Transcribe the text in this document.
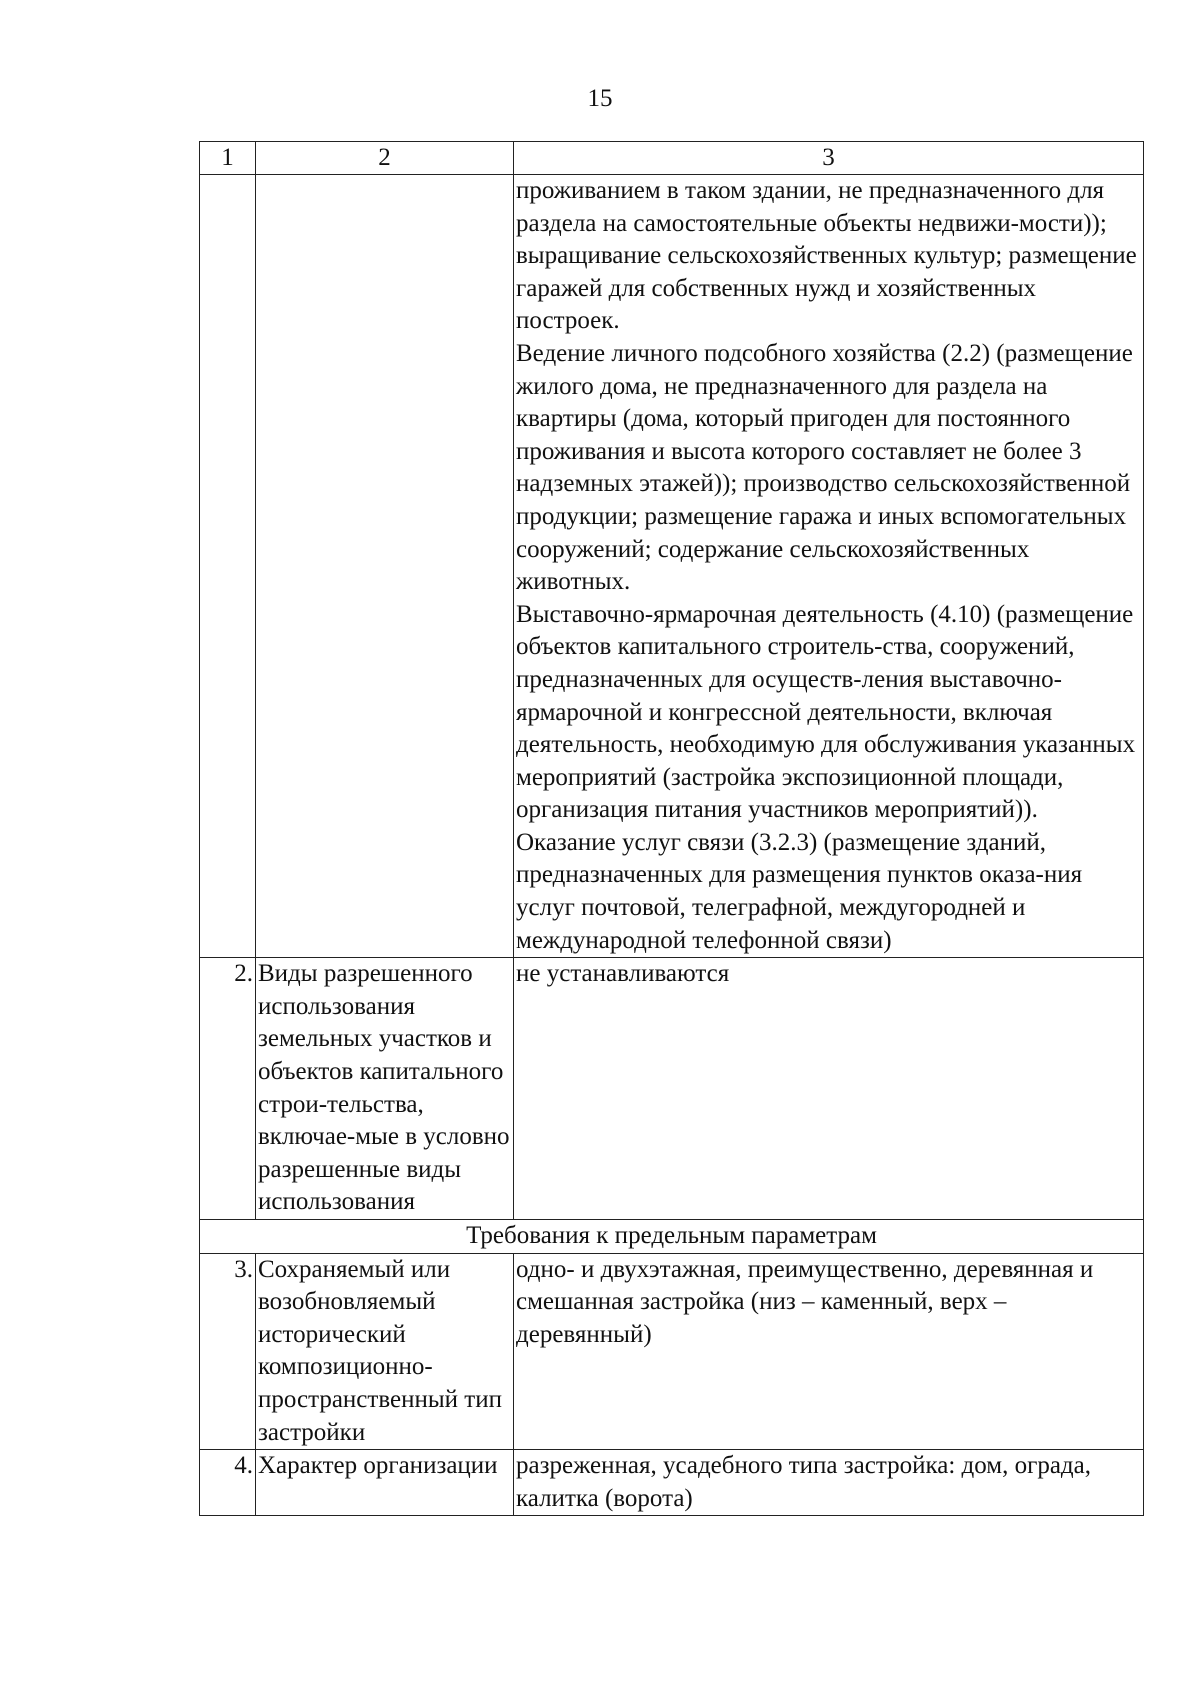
15
1	2	3

		проживанием в таком здании, не предназначенного для раздела на самостоятельные объекты недвижи-мости)); выращивание сельскохозяйственных культур; размещение гаражей для собственных нужд и хозяйственных построек.
Ведение личного подсобного хозяйства (2.2) (размещение жилого дома, не предназначенного для раздела на квартиры (дома, который пригоден для постоянного проживания и высота которого составляет не более 3 надземных этажей)); производство сельскохозяйственной продукции; размещение гаража и иных вспомогательных сооружений; содержание сельскохозяйственных животных.
Выставочно-ярмарочная деятельность (4.10) (размещение объектов капитального строитель-ства, сооружений, предназначенных для осуществ-ления выставочно-ярмарочной и конгрессной деятельности, включая деятельность, необходимую для обслуживания указанных мероприятий (застройка экспозиционной площади, организация питания участников мероприятий)).
Оказание услуг связи (3.2.3) (размещение зданий, предназначенных для размещения пунктов оказа-ния услуг почтовой, телеграфной, междугородней и международной телефонной связи)

2.	Виды разрешенного использования земельных участков и объектов капитального строи-тельства, включае-мые в условно разрешенные виды использования	не устанавливаются
Требования к предельным параметрам		
3.	Сохраняемый или возобновляемый исторический композиционно-пространственный тип застройки	одно- и двухэтажная, преимущественно, деревянная и смешанная застройка (низ – каменный, верх – деревянный)
4.	Характер организации	разреженная, усадебного типа застройка: дом, ограда, калитка (ворота)
